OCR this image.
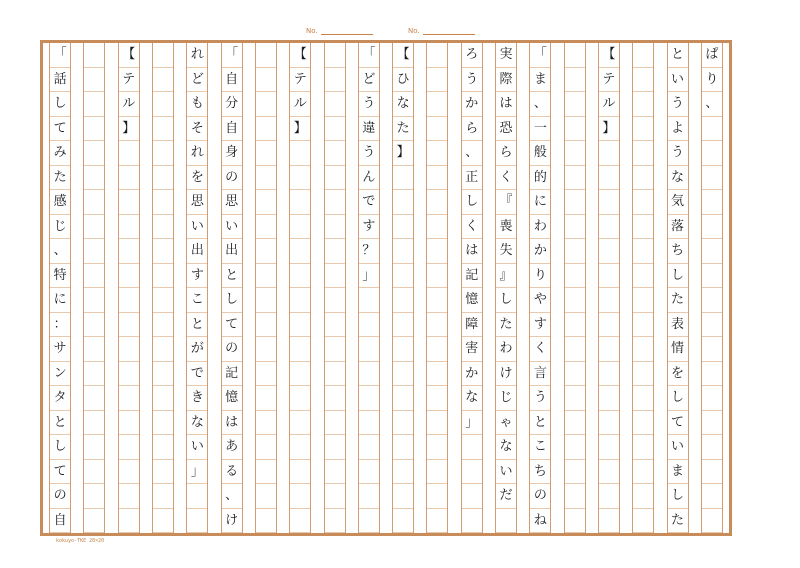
No.	No.
ぱ
り
、
と
い
う
よ
う
な
気
落
ち
し
た
表
情
を
し
て
い
ま
し
た
【
テ
ル
】
「
ま
、
一
般
的
に
わ
か
り
や
す
く
言
う
と
こ
ち
の
ね
実
際
は
恐
ら
く
『
喪
失
』
し
た
わ
け
じ
ゃ
な
い
だ
ろ
う
か
ら
、
正
し
く
は
記
憶
障
害
か
な
」
【
ひ
な
た
】
「
ど
う
違
う
ん
で
す
？
」
【
テ
ル
】
「
自
分
自
身
の
思
い
出
と
し
て
の
記
憶
は
あ
る
、
け
れ
ど
も
そ
れ
を
思
い
出
す
こ
と
が
で
き
な
い
」
【
テ
ル
】
「
話
し
て
み
た
感
じ
、
特
に
：
サ
ン
タ
と
し
て
の
自
kokuyo-TKE 20×20
